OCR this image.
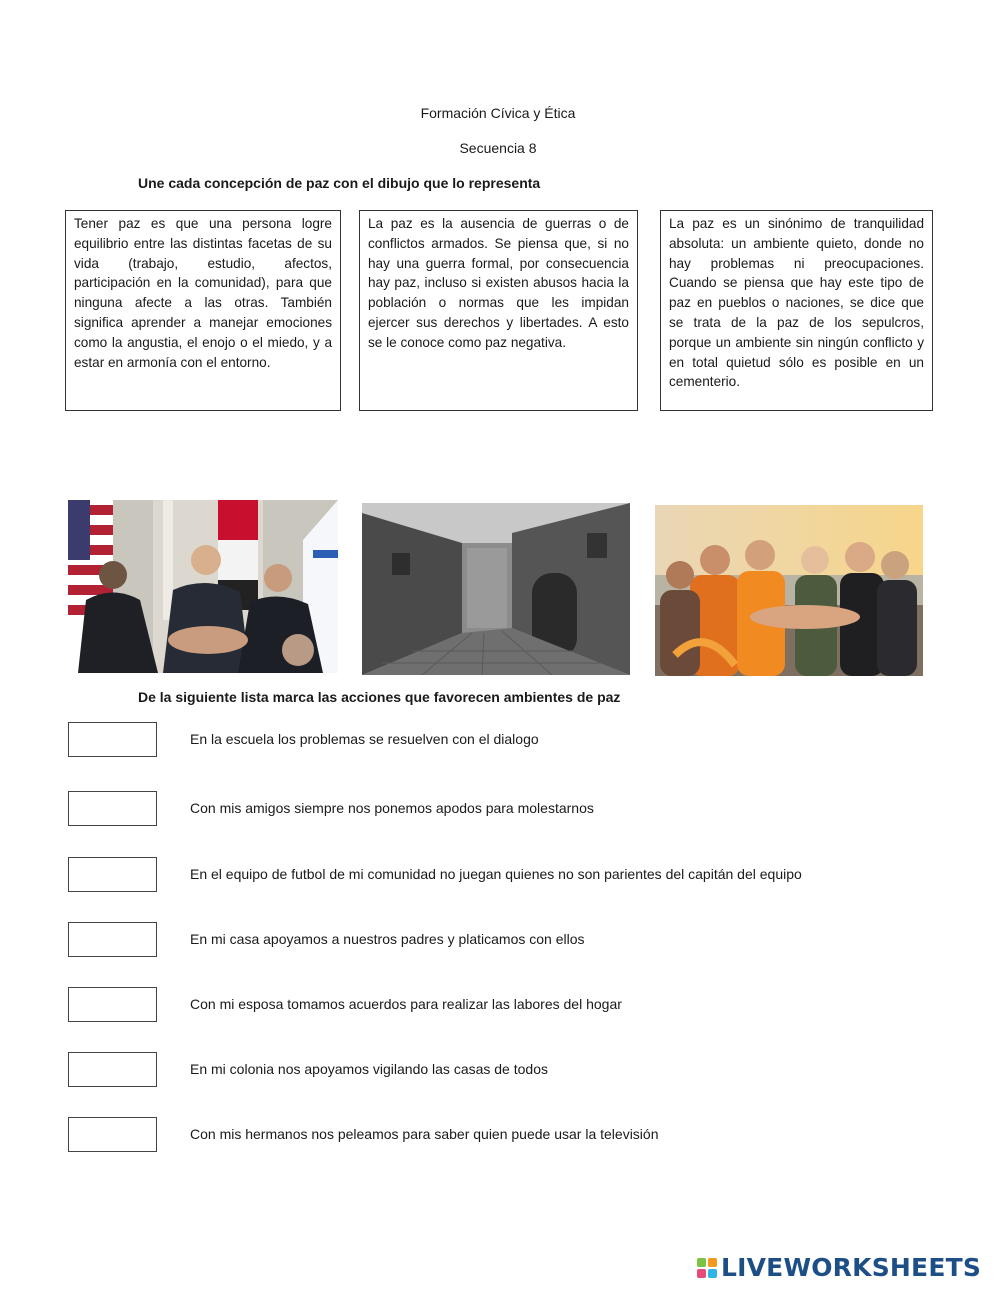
Formación Cívica y Ética
Secuencia 8
Une cada concepción de paz con el dibujo que lo representa
Tener paz es que una persona logre equilibrio entre las distintas facetas de su vida (trabajo, estudio, afectos, participación en la comunidad), para que ninguna afecte a las otras. También significa aprender a manejar emociones como la angustia, el enojo o el miedo, y a estar en armonía con el entorno.
La paz es la ausencia de guerras o de conflictos armados. Se piensa que, si no hay una guerra formal, por consecuencia hay paz, incluso si existen abusos hacia la población o normas que les impidan ejercer sus derechos y libertades. A esto se le conoce como paz negativa.
La paz es un sinónimo de tranquilidad absoluta: un ambiente quieto, donde no hay problemas ni preocupaciones. Cuando se piensa que hay este tipo de paz en pueblos o naciones, se dice que se trata de la paz de los sepulcros, porque un ambiente sin ningún conflicto y en total quietud sólo es posible en un cementerio.
De la siguiente lista marca las acciones que favorecen ambientes de paz
En la escuela los problemas se resuelven con el dialogo
Con mis amigos siempre nos ponemos apodos para molestarnos
En el equipo de futbol de mi comunidad no juegan quienes no son parientes del capitán del equipo
En mi casa apoyamos a nuestros padres y platicamos con ellos
Con mi esposa tomamos acuerdos para realizar las labores del hogar
En mi colonia nos apoyamos vigilando las casas de todos
Con mis hermanos nos peleamos para saber quien puede usar la televisión
LIVEWORKSHEETS
